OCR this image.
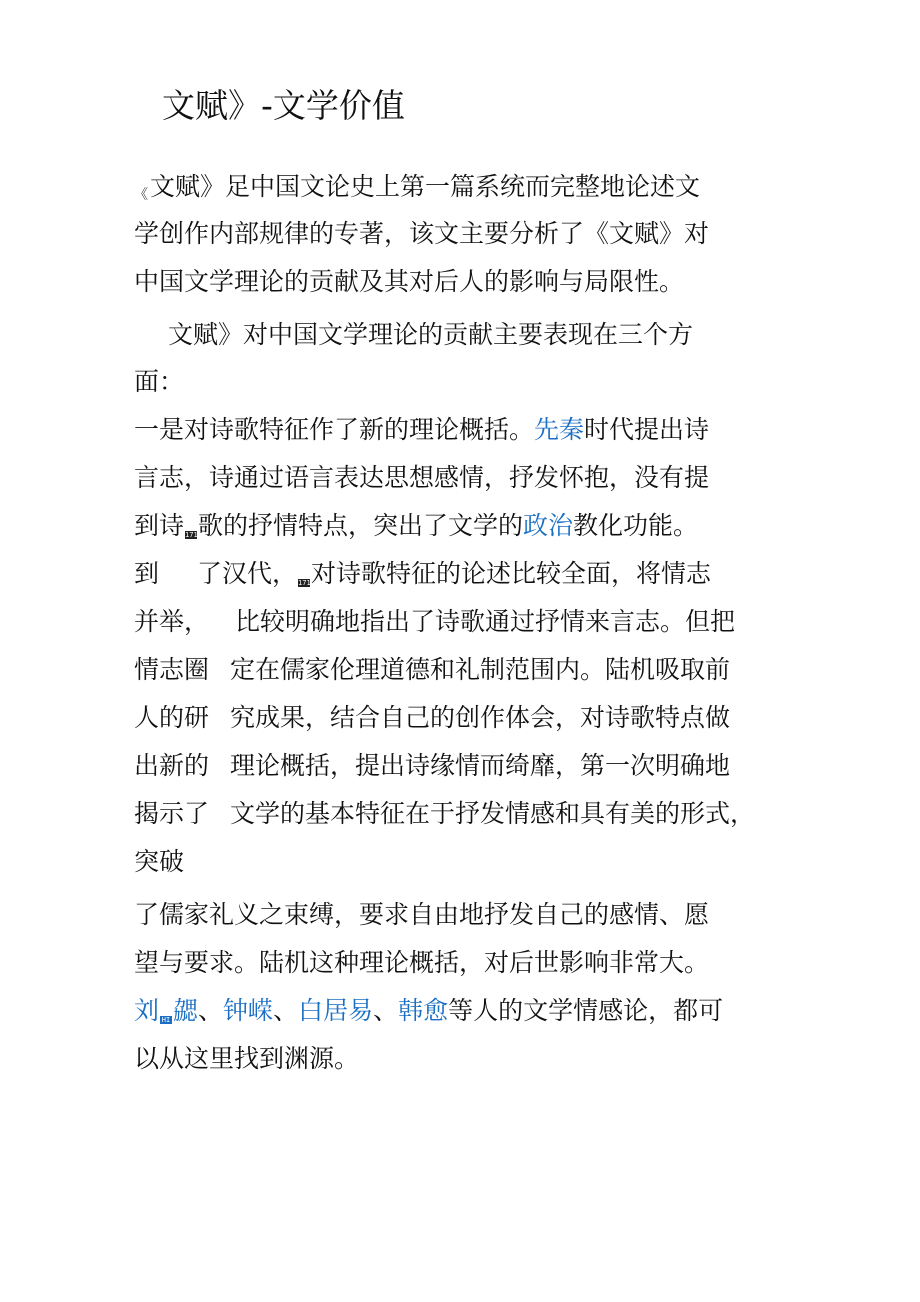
文赋》-文学价值
《文赋》足中国文论史上第一篇系统而完整地论述文
学创作内部规律的专著，该文主要分析了《文赋》对
中国文学理论的贡献及其对后人的影响与局限性。
文赋》对中国文学理论的贡献主要表现在三个方
面：
一是对诗歌特征作了新的理论概括。先秦时代提出诗
言志，诗通过语言表达思想感情，抒发怀抱，没有提
到诗171歌的抒情特点，突出了文学的政治教化功能。
到 了汉代，171对诗歌特征的论述比较全面，将情志
并举， 比较明确地指出了诗歌通过抒情来言志。但把
情志圈 定在儒家伦理道德和礼制范围内。陆机吸取前
人的研 究成果，结合自己的创作体会，对诗歌特点做
出新的 理论概括，提出诗缘情而绮靡，第一次明确地
揭示了 文学的基本特征在于抒发情感和具有美的形式，
突破
了儒家礼义之束缚，要求自由地抒发自己的感情、愿
望与要求。陆机这种理论概括，对后世影响非常大。
刘 HI 勰、钟嵘、白居易、韩愈等人的文学情感论，都可
以从这里找到渊源。
